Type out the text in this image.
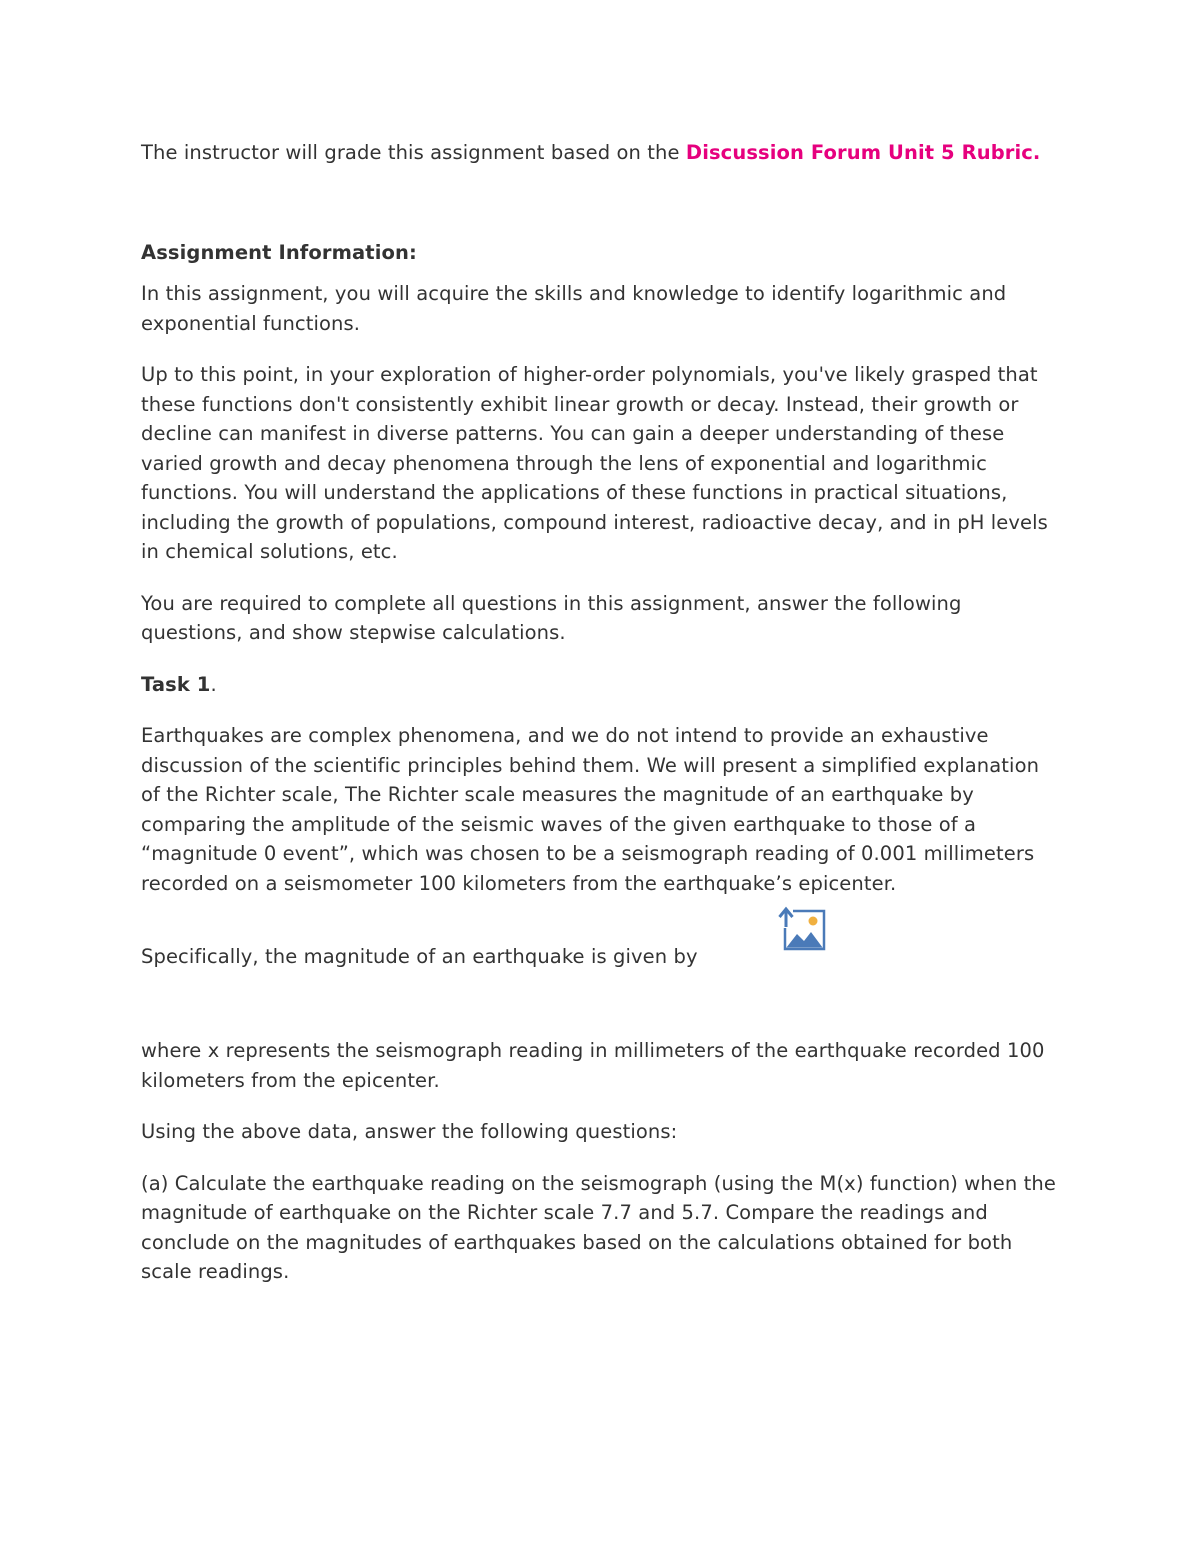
The instructor will grade this assignment based on the Discussion Forum Unit 5 Rubric.

Assignment Information:

In this assignment, you will acquire the skills and knowledge to identify logarithmic and exponential functions.

Up to this point, in your exploration of higher-order polynomials, you've likely grasped that these functions don't consistently exhibit linear growth or decay. Instead, their growth or decline can manifest in diverse patterns. You can gain a deeper understanding of these varied growth and decay phenomena through the lens of exponential and logarithmic functions. You will understand the applications of these functions in practical situations, including the growth of populations, compound interest, radioactive decay, and in pH levels in chemical solutions, etc.

You are required to complete all questions in this assignment, answer the following questions, and show stepwise calculations.

Task 1.

Earthquakes are complex phenomena, and we do not intend to provide an exhaustive discussion of the scientific principles behind them. We will present a simplified explanation of the Richter scale, The Richter scale measures the magnitude of an earthquake by comparing the amplitude of the seismic waves of the given earthquake to those of a “magnitude 0 event”, which was chosen to be a seismograph reading of 0.001 millimeters recorded on a seismometer 100 kilometers from the earthquake’s epicenter.

Specifically, the magnitude of an earthquake is given by

where x represents the seismograph reading in millimeters of the earthquake recorded 100 kilometers from the epicenter.

Using the above data, answer the following questions:

(a) Calculate the earthquake reading on the seismograph (using the M(x) function) when the magnitude of earthquake on the Richter scale 7.7 and 5.7. Compare the readings and conclude on the magnitudes of earthquakes based on the calculations obtained for both scale readings.
